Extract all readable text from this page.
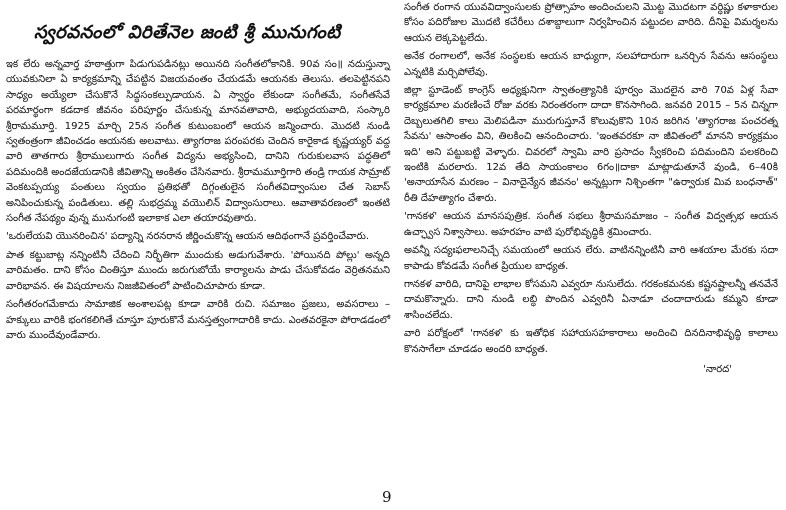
స్వరవనంలో విరితేనెల జంటి శ్రీ మునుగంటి

ఇక లేరు అన్నవార్త హఠాత్తుగా పిడుగుపడినట్లు అయినది సంగీతలోకానికి. 90వ సం॥ నదుస్తున్నా యువకునిలా ఏ కార్యక్రమాన్ని చేపట్టిన విజయవంతం చేయడమే ఆయనకు తెలుసు. తలపెట్టినపని సాధ్యం అయ్యేలా చేసుకొనే సిద్ధసంకల్పుడాయన. ఏ స్వార్థం లేకుండా సంగీతమే, సంగీతసేవే పరమార్థంగా కడదాక జీవనం పరిపూర్ణం చేసుకున్న మానవతావాది, అభ్యుదయవాది, సంస్కారి శ్రీరామమూర్తి. 1925 మార్చి 25న సంగీత కుటుంబంలో ఆయన జన్మించారు. మొదటి నుండి స్వతంత్రంగా జీవించడం ఆయనకు అలవాటు. త్యాగరాజ పరంపరకు చెందిన కారైకాడ కృష్ణయ్యర్ వద్ద వారి తాతగారు శ్రీరాములుగారు సంగీత విద్యను అభ్యసించి, దానిని గురుకులవాస పద్ధతిలో పదిమందికి అందజేయడానికి జీవితాన్ని అంకితం చేసినవారు. శ్రీరామమూర్తిగారి తండ్రి గాయక సామ్రాట్ వెంకటప్పయ్య పంతులు స్వయం ప్రతిభతో దిగ్గంతులైన సంగీతవిద్వాంసుల చేత సెబాస్ అనిపించుకున్న పండితులు. తల్లి సుభద్రమ్మ వయొలిన్ విద్వాంసురాలు. ఆవాతావరణంలో ఇంతటి సంగీత నేపథ్యం వున్న మునుగంటి ఇలాకాక ఎలా తయారవుతారు.

'ఒరులేయవి యొనరించిన' పద్యాన్ని నరనరాన జీర్ణించుకొన్న ఆయన ఆదిథంగానే ప్రవర్తించేవారు.

పాత కట్టుబాట్ల నన్నింటినీ చేదించి నిర్భీతిగా ముందుకు అడుగువేశారు. 'పోయినది పోల్లు' అన్నది వారిమతం. దాని కోసం చింతిస్తూ ముందు జరుగుబోయే కార్యాలను పాడు చేసుకోవడం వెర్రితనమని వారిభావన. ఈ విషయాలను నిజజీవితంలో పాటించిచూపారు కూడా.

సంగీతరంగమేకాదు సామాజిక అంశాలపట్ల కూడా వారికి రుచి. సమాజం ప్రజలు, అవసరాలు – హక్కులు వారికి భంగకలిగితే చూస్తూ పూరుకొనే మనస్తత్వంగాదారికి కాదు. ఎంతవరకైనా పోరాడడంలో వారు ముందేవుండేవారు.

సంగీత రంగాన యువవిద్వాంసులకు ప్రోత్సాహం అందించులని మొట్ట మొదటగా వర్ధిష్ణు కళాకారుల కోసం పదిరోజుల మొదటి కచేరీలు దశాబ్దాలుగా నిర్వహించిన పట్టుదల వారిది. దీనిపై విమర్శలను ఆయన లెక్కపెట్టలేదు.

అనేక రంగాలలో, అనేక సంస్థలకు ఆయన బాధ్యుగా, సలహాదారుగా ఒనర్చిన సేవను ఆసంస్థలు ఎన్నటికి మర్చిపోలేవు.

జిల్లా స్టూడెంట్ కాంగ్రెస్ అధ్యక్షునిగా స్వాతంత్ర్యానికి పూర్వం మొదలైన వారి 70వ ఏళ్ల సేవా కార్యక్రమాల మరణించే రోజు వరకు నిరంతరంగా దాదా కొనసాగింది. జనవరి 2015 – 5న చిన్నగా దెబ్బలుతగిలి కాలు మెలిపడినా మురుగుస్తూనే కొలువుకొని 10న జరిగిన 'త్యాగరాజ పంచరత్న సేవను' ఆసాంతం విని, తిలకించి ఆనందించారు. 'ఇంతవరకూ నా జీవితంలో మానని కార్యక్రమం ఇది' అని పట్టుబట్టి వెళ్ళారు. చివరలో స్వామి వారి ప్రసాదం స్వీకరించి పదిమందిని పలకరించి ఇంటికి మరలారు. 12వ తేది సాయంకాలం 6గం॥దాకా మాట్లాడుతూనే వుండి, 6–40కి 'అనాయాసేన మరణం – వినాదైన్యేన జీవనం' అన్నట్లుగా నిశ్చింతగా "ఉర్వారుక మివ బంధనాత్" రీతి దేహత్యాగం చేశారు.

'గానకళ' ఆయన మానసపుత్రిక. సంగీత సభలు శ్రీరామసమాజం – సంగీత విద్వత్సభ ఆయన ఉచ్ఛ్వాస నిశ్వాసాలు. అహరహం వాటి పురోభివృద్ధికి శ్రమించారు.

అవన్నీ సద్యఃఫలాలనిచ్చే సమయంలో ఆయన లేరు. వాటినన్నింటినీ వారి ఆశయాల మేరకు సదా కాపాడు కోవడమే సంగీత ప్రియుల బాధ్యత.

గానకళ వారిది, దానిపై లాభాల కోసమని ఎవ్వరూ నుసులేదు. గరకంకమనకు కష్టనష్టాలన్నీ తనవేనే దామకొన్నారు. దాని నుండి లబ్ధి పొందిన ఎవ్వరినీ ఏనాడూ చందాదారుడు కమ్మని కూడా శాసించలేదు.

వారి పరోక్షంలో 'గానకళ' కు ఇతోధిక సహాయసహకారాలు అందించి దినదినాభివృద్ధి కాలాలు కొనసాగేలా చూడడం అందరి బాధ్యత.

'నారద'
9
